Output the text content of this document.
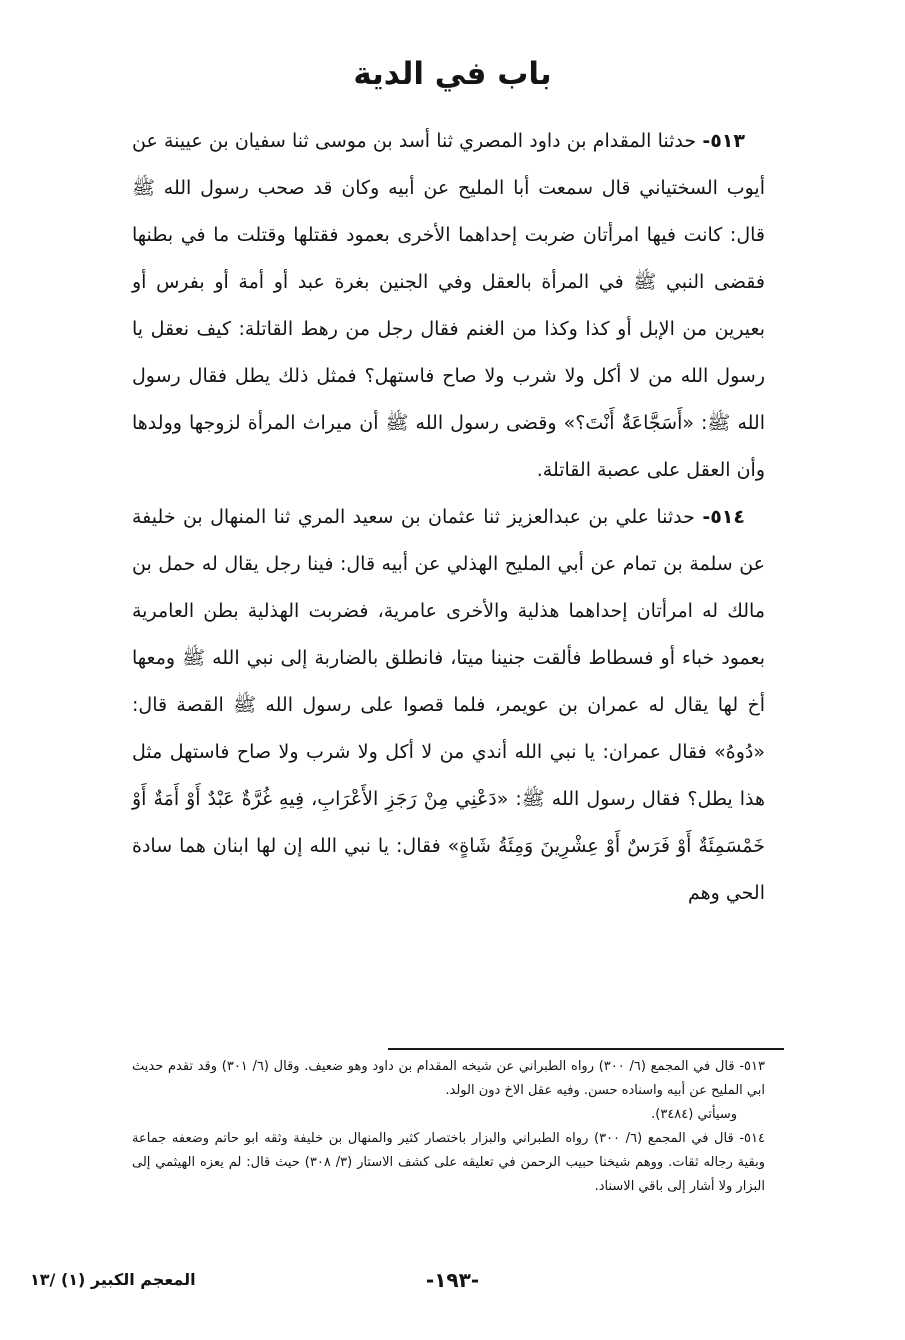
باب في الدية

٥١٣- حدثنا المقدام بن داود المصري ثنا أسد بن موسى ثنا سفيان بن عيينة عن أيوب السختياني قال سمعت أبا المليح عن أبيه وكان قد صحب رسول الله ﷺ قال: كانت فيها امرأتان ضربت إحداهما الأخرى بعمود فقتلها وقتلت ما في بطنها فقضى النبي ﷺ في المرأة بالعقل وفي الجنين بغرة عبد أو أمة أو بفرس أو بعيرين من الإبل أو كذا وكذا من الغنم فقال رجل من رهط القاتلة: كيف نعقل يا رسول الله من لا أكل ولا شرب ولا صاح فاستهل؟ فمثل ذلك يطل فقال رسول الله ﷺ: «أَسَجَّاعَةٌ أَنْتَ؟» وقضى رسول الله ﷺ أن ميراث المرأة لزوجها وولدها وأن العقل على عصبة القاتلة.

٥١٤- حدثنا علي بن عبدالعزيز ثنا عثمان بن سعيد المري ثنا المنهال بن خليفة عن سلمة بن تمام عن أبي المليح الهذلي عن أبيه قال: فينا رجل يقال له حمل بن مالك له امرأتان إحداهما هذلية والأخرى عامرية، فضربت الهذلية بطن العامرية بعمود خباء أو فسطاط فألقت جنينا ميتا، فانطلق بالضاربة إلى نبي الله ﷺ ومعها أخ لها يقال له عمران بن عويمر، فلما قصوا على رسول الله ﷺ القصة قال: «دُوهُ» فقال عمران: يا نبي الله أندي من لا أكل ولا شرب ولا صاح فاستهل مثل هذا يطل؟ فقال رسول الله ﷺ: «دَعْنِي مِنْ رَجَزِ الأَعْرَابِ، فِيهِ غُرَّةٌ عَبْدٌ أَوْ أَمَةٌ أَوْ خَمْسَمِئَةٌ أَوْ فَرَسٌ أَوْ عِشْرِينَ وَمِئَةُ شَاةٍ» فقال: يا نبي الله إن لها ابنان هما سادة الحي وهم

٥١٣- قال في المجمع (٦/ ٣٠٠) رواه الطبراني عن شيخه المقدام بن داود وهو ضعيف. وقال (٦/ ٣٠١) وقد تقدم حديث ابي المليح عن أبيه واسناده حسن. وفيه عقل الاخ دون الولد.

وسيأتي (٣٤٨٤).

٥١٤- قال في المجمع (٦/ ٣٠٠) رواه الطبراني والبزار باختصار كثير والمنهال بن خليفة وثقه ابو حاتم وضعفه جماعة وبقية رجاله ثقات. ووهم شيخنا حبيب الرحمن في تعليقه على كشف الاستار (٣/ ٣٠٨) حيث قال: لم يعزه الهيثمي إلى البزار ولا أشار إلى باقي الاسناد.

-١٩٣-
المعجم الكبير (١) /١٣
